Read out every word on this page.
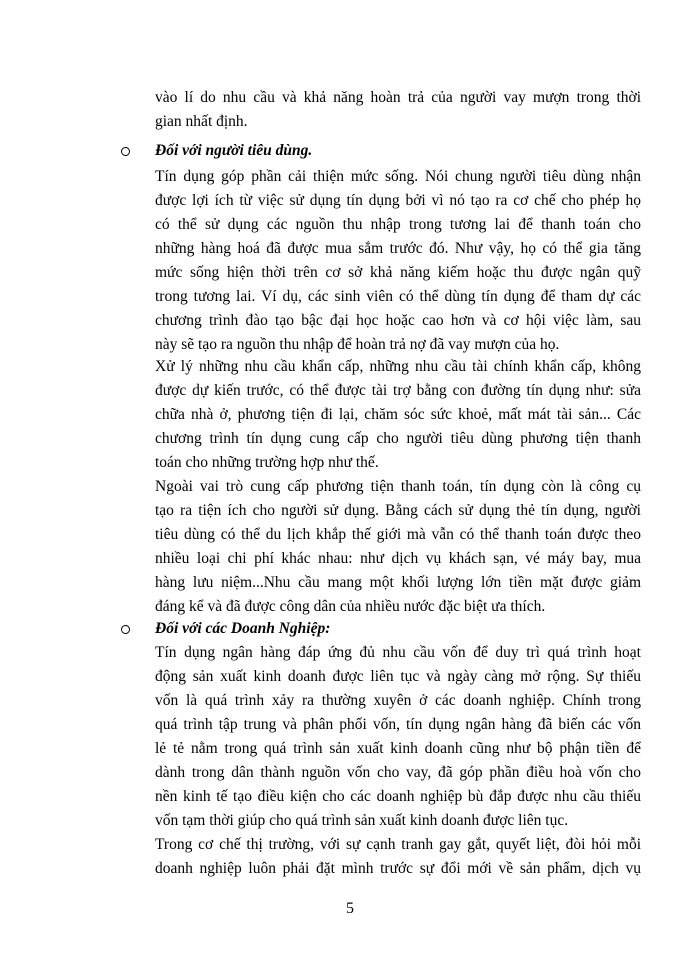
vào lí do nhu cầu và khả năng hoàn trả của người vay mượn trong thời
gian nhất định.
Đối với người tiêu dùng.
Tín dụng góp phần cải thiện mức sống. Nói chung người tiêu dùng nhận
được lợi ích từ việc sử dụng tín dụng bởi vì nó tạo ra cơ chế cho phép họ
có thể sử dụng các nguồn thu nhập trong tương lai để thanh toán cho
những hàng hoá đã được mua sắm trước đó. Như vậy, họ có thể gia tăng
mức sống hiện thời trên cơ sở khả năng kiếm hoặc thu được ngân quỹ
trong tương lai. Ví dụ, các sinh viên có thể dùng tín dụng để tham dự các
chương trình đào tạo bậc đại học hoặc cao hơn và cơ hội việc làm, sau
này sẽ tạo ra nguồn thu nhập để hoàn trả nợ đã vay mượn của họ.
Xử lý những nhu cầu khẩn cấp, những nhu cầu tài chính khẩn cấp, không
được dự kiến trước, có thể được tài trợ bằng con đường tín dụng như: sửa
chữa nhà ở, phương tiện đi lại, chăm sóc sức khoẻ, mất mát tài sản... Các
chương trình tín dụng cung cấp cho người tiêu dùng phương tiện thanh
toán cho những trường hợp như thế.
Ngoài vai trò cung cấp phương tiện thanh toán, tín dụng còn là công cụ
tạo ra tiện ích cho người sử dụng. Bằng cách sử dụng thẻ tín dụng, người
tiêu dùng có thể du lịch khắp thế giới mà vẫn có thể thanh toán được theo
nhiều loại chi phí khác nhau: như dịch vụ khách sạn, vé máy bay, mua
hàng lưu niệm...Nhu cầu mang một khối lượng lớn tiền mặt được giảm
đáng kể và đã được công dân của nhiều nước đặc biệt ưa thích.
Đối với các Doanh Nghiệp:
Tín dụng ngân hàng đáp ứng đủ nhu cầu vốn để duy trì quá trình hoạt
động sản xuất kinh doanh được liên tục và ngày càng mở rộng. Sự thiếu
vốn là quá trình xảy ra thường xuyên ở các doanh nghiệp. Chính trong
quá trình tập trung và phân phối vốn, tín dụng ngân hàng đã biến các vốn
lẻ tẻ nằm trong quá trình sản xuất kinh doanh cũng như bộ phận tiền để
dành trong dân thành nguồn vốn cho vay, đã góp phần điều hoà vốn cho
nền kinh tế tạo điều kiện cho các doanh nghiệp bù đắp được nhu cầu thiếu
vốn tạm thời giúp cho quá trình sản xuất kinh doanh được liên tục.
Trong cơ chế thị trường, với sự cạnh tranh gay gắt, quyết liệt, đòi hỏi mỗi
doanh nghiệp luôn phải đặt mình trước sự đổi mới về sản phẩm, dịch vụ
5
